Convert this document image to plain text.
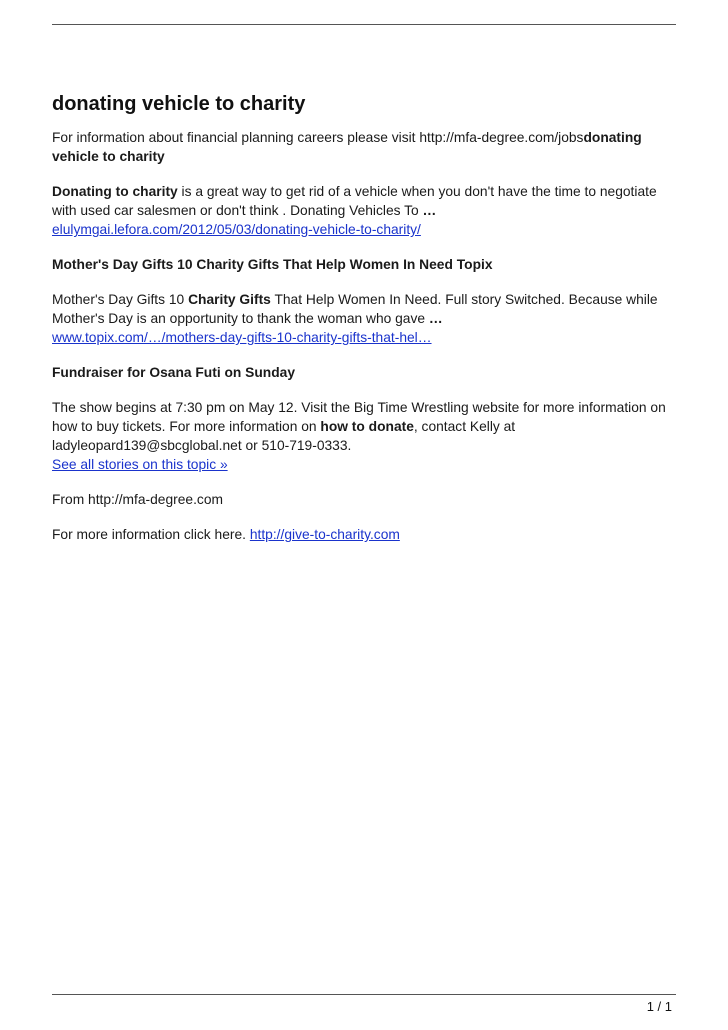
donating vehicle to charity

For information about financial planning careers please visit http://mfa-degree.com/jobsdonating vehicle to charity

Donating to charity is a great way to get rid of a vehicle when you don't have the time to negotiate with used car salesmen or don't think . Donating Vehicles To …
elulymgai.lefora.com/2012/05/03/donating-vehicle-to-charity/

Mother's Day Gifts 10 Charity Gifts That Help Women In Need Topix

Mother's Day Gifts 10 Charity Gifts That Help Women In Need. Full story Switched. Because while Mother's Day is an opportunity to thank the woman who gave …
www.topix.com/…/mothers-day-gifts-10-charity-gifts-that-hel…

Fundraiser for Osana Futi on Sunday

The show begins at 7:30 pm on May 12. Visit the Big Time Wrestling website for more information on how to buy tickets. For more information on how to donate, contact Kelly at ladyleopard139@sbcglobal.net or 510-719-0333.
See all stories on this topic »

From http://mfa-degree.com

For more information click here. http://give-to-charity.com

1 / 1
